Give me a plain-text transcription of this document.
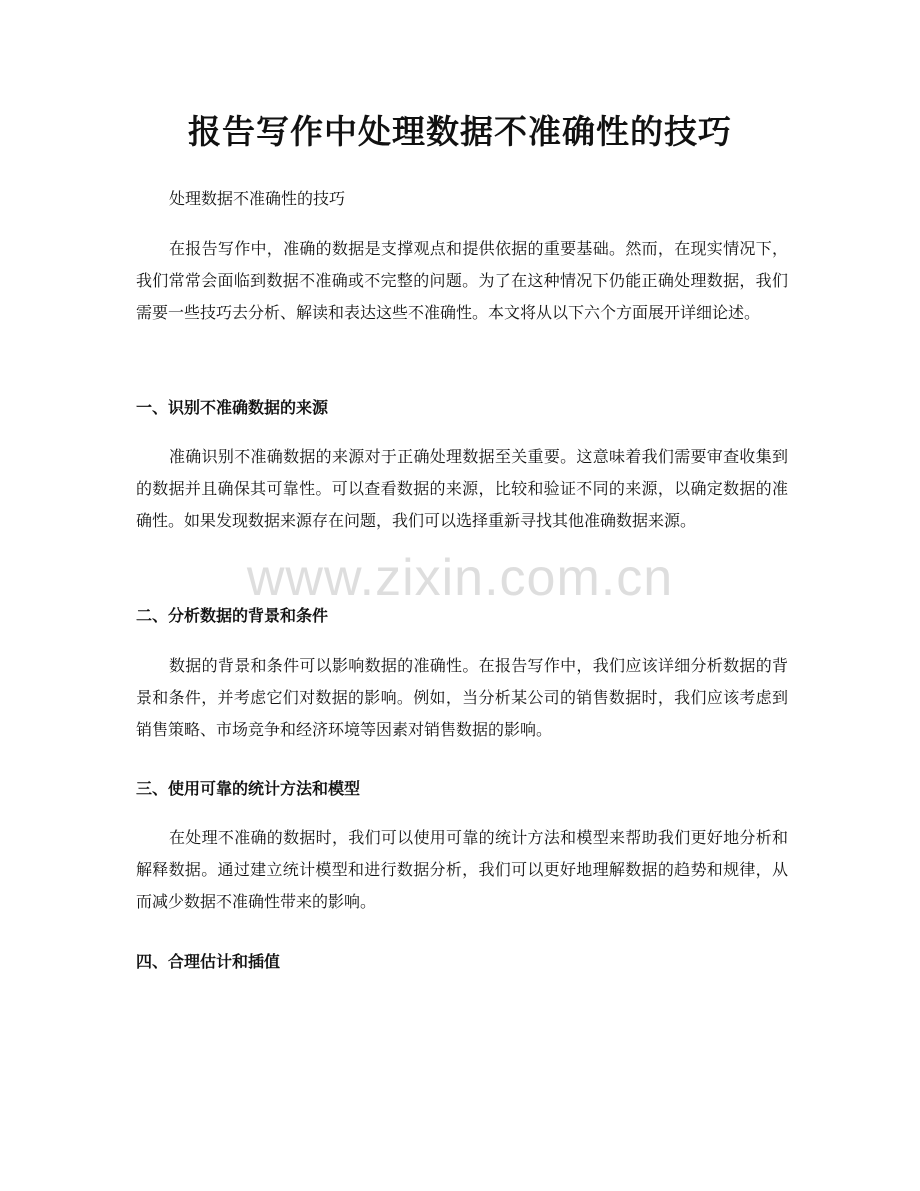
报告写作中处理数据不准确性的技巧

处理数据不准确性的技巧

在报告写作中，准确的数据是支撑观点和提供依据的重要基础。然而，在现实情况下，我们常常会面临到数据不准确或不完整的问题。为了在这种情况下仍能正确处理数据，我们需要一些技巧去分析、解读和表达这些不准确性。本文将从以下六个方面展开详细论述。

一、识别不准确数据的来源

准确识别不准确数据的来源对于正确处理数据至关重要。这意味着我们需要审查收集到的数据并且确保其可靠性。可以查看数据的来源，比较和验证不同的来源，以确定数据的准确性。如果发现数据来源存在问题，我们可以选择重新寻找其他准确数据来源。

二、分析数据的背景和条件

数据的背景和条件可以影响数据的准确性。在报告写作中，我们应该详细分析数据的背景和条件，并考虑它们对数据的影响。例如，当分析某公司的销售数据时，我们应该考虑到销售策略、市场竞争和经济环境等因素对销售数据的影响。

三、使用可靠的统计方法和模型

在处理不准确的数据时，我们可以使用可靠的统计方法和模型来帮助我们更好地分析和解释数据。通过建立统计模型和进行数据分析，我们可以更好地理解数据的趋势和规律，从而减少数据不准确性带来的影响。

四、合理估计和插值
www.zixin.com.cn
